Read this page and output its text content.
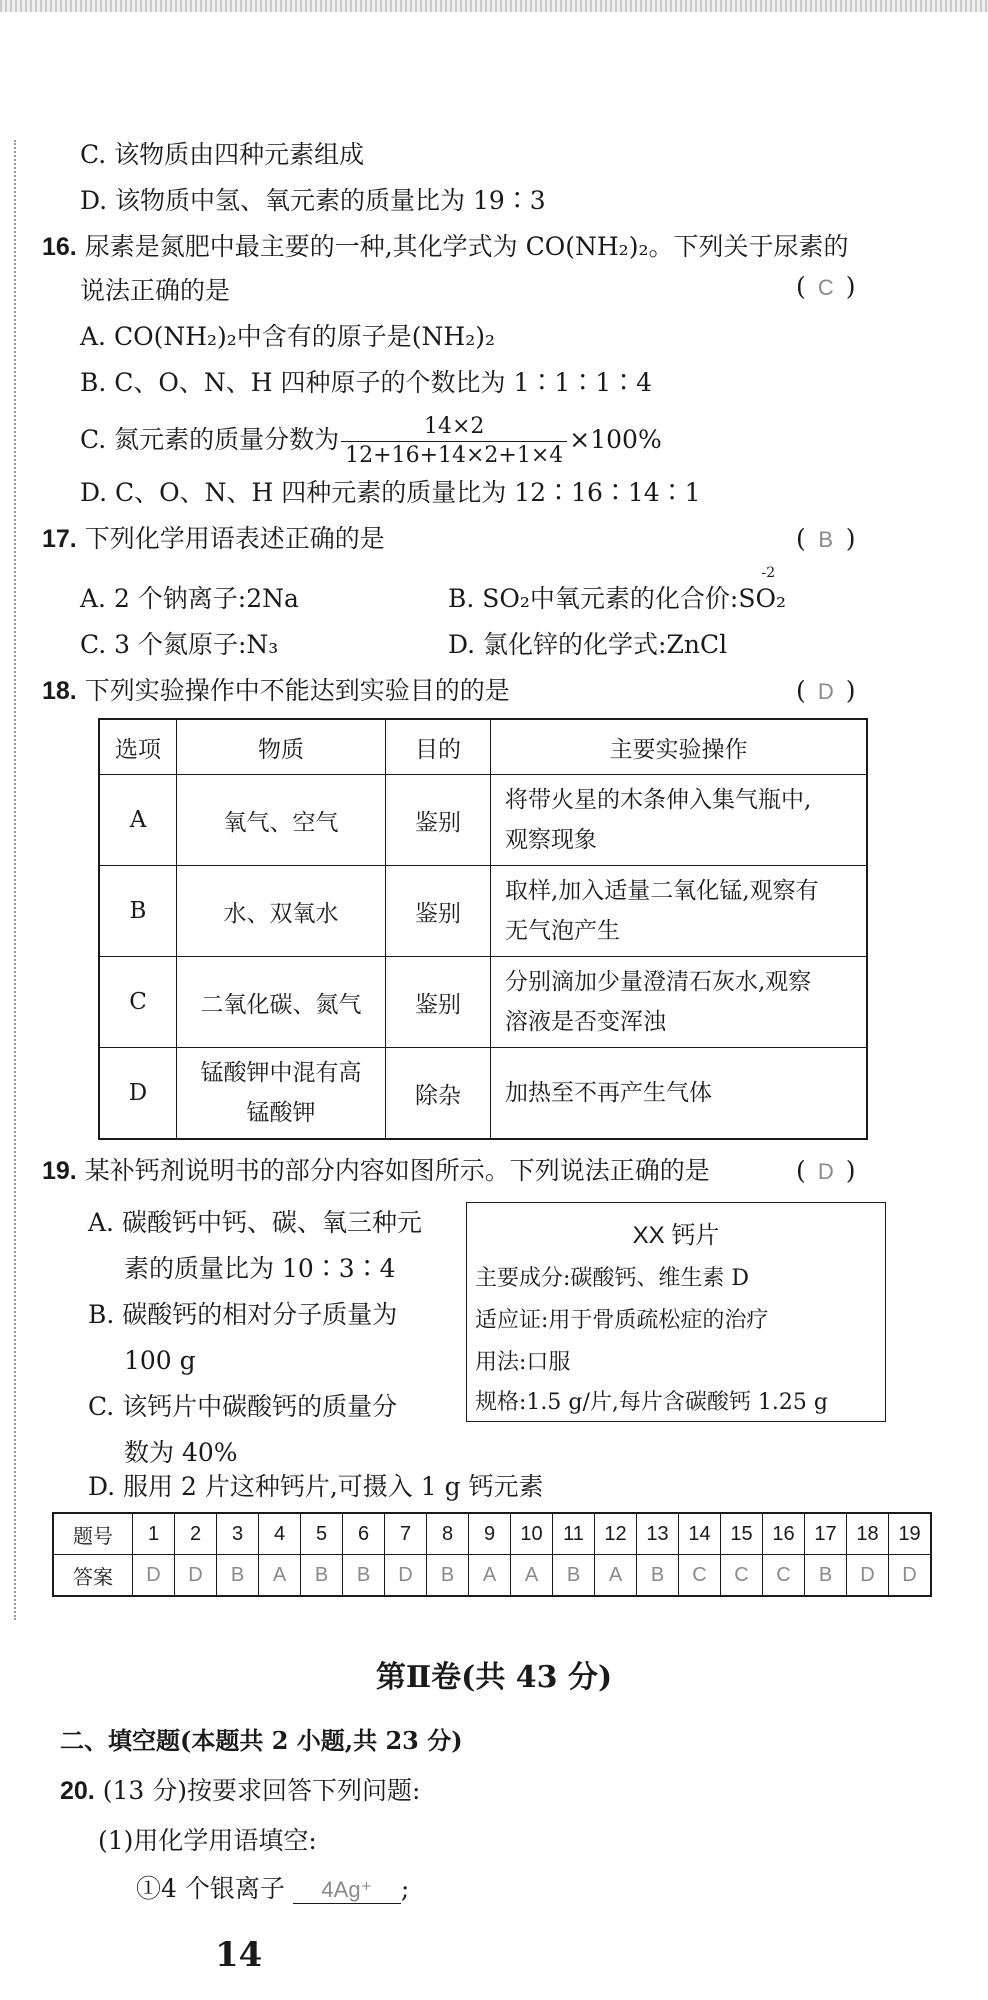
C. 该物质由四种元素组成
D. 该物质中氢、氧元素的质量比为 19∶3
16. 尿素是氮肥中最主要的一种,其化学式为 CO(NH₂)₂。下列关于尿素的
说法正确的是	( C )
A. CO(NH₂)₂中含有的原子是(NH₂)₂
B. C、O、N、H 四种原子的个数比为 1∶1∶1∶4
C. 氮元素的质量分数为 $\frac{14\times 2}{12+16+14\times 2+1\times 4} \times 100\%$
D. C、O、N、H 四种元素的质量比为 12∶16∶14∶1
17. 下列化学用语表述正确的是	( B )
A. 2 个钠离子:2Na	B. SO₂中氧元素的化合价:S
-2
O₂
C. 3 个氮原子:N₃	D. 氯化锌的化学式:ZnCl
18. 下列实验操作中不能达到实验目的的是	( D )
选项	物质	目的	主要实验操作
A	氧气、空气	鉴别	将带火星的木条伸入集气瓶中,
观察现象

B	水、双氧水	鉴别	取样,加入适量二氧化锰,观察有
无气泡产生

C	二氧化碳、氮气	鉴别	分别滴加少量澄清石灰水,观察
溶液是否变浑浊

D	锰酸钾中混有高
锰酸钾	除杂	加热至不再产生气体
19. 某补钙剂说明书的部分内容如图所示。下列说法正确的是	( D )
A. 碳酸钙中钙、碳、氧三种元
素的质量比为 10∶3∶4
B. 碳酸钙的相对分子质量为
100 g
C. 该钙片中碳酸钙的质量分
数为 40%
D. 服用 2 片这种钙片,可摄入 1 g 钙元素
XX 钙片
主要成分:碳酸钙、维生素 D
适应证:用于骨质疏松症的治疗
用法:口服
规格:1.5 g/片,每片含碳酸钙 1.25 g
题号	1	2	3	4	5	6	7	8	9	10	11	12	13	14	15	16	17	18	19
答案	D	D	B	A	B	B	D	B	A	A	B	A	B	C	C	C	B	D	D
第Ⅱ卷(共 43 分)
二、填空题(本题共 2 小题,共 23 分)
20. (13 分)按要求回答下列问题:
(1)用化学用语填空:
①4 个银离子 4Ag⁺ ;
14
